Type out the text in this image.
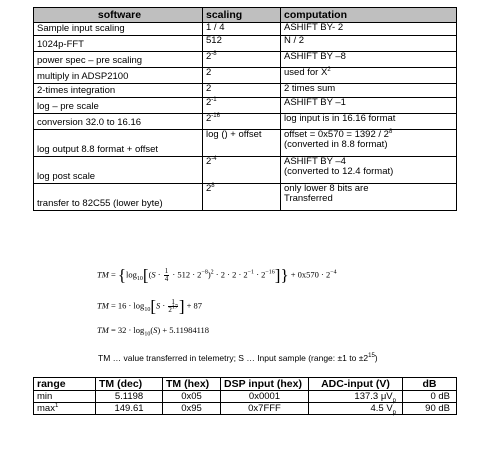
software	scaling	computation
Sample input scaling	1 / 4	ASHIFT BY- 2
1024p-FFT	512	N / 2
power spec – pre scaling	$2^{-8}$	ASHIFT BY –8
multiply in ADSP2100	2	used for $X^2$
2-times integration	2	2 times sum
log – pre scale	$2^{-1}$	ASHIFT BY –1
conversion 32.0 to 16.16	$2^{-16}$	log input is in 16.16 format
log output 8.8 format + offset	log () + offset	offset = $0x570 = 1392 / 2^8$
(converted in 8.8 format)
log post scale	$2^{-4}$	ASHIFT BY –4
(converted to 12.4 format)
transfer to 82C55 (lower byte)	$2^8$	only lower 8 bits are
Transferred
TM = $\{\log_{10}[(S \cdot \frac{1}{4} \cdot 512 \cdot 2^{-8})^2 \cdot 2 \cdot 2 \cdot 2^{-1} \cdot 2^{-16}]\} + 0x570 \cdot 2^{-4}$
TM = $16 \cdot \log_{10}[S \cdot \frac{1}{2^{17}}$ ] + 87
TM = $32 \cdot \log_{10}(S) + 5.11984118$
TM … value transferred in telemetry; S … Input sample (range: ±1 to $\pm 2^{15}$)
range	TM (dec)	TM (hex)	DSP input (hex)	ADC-input (V)	dB
min	5.1198	0x05	0x0001	137.3 $\mu V_p$	0 dB
$\max^1$	149.61	0x95	0x7FFF	4.5 $V_p$	90 dB
